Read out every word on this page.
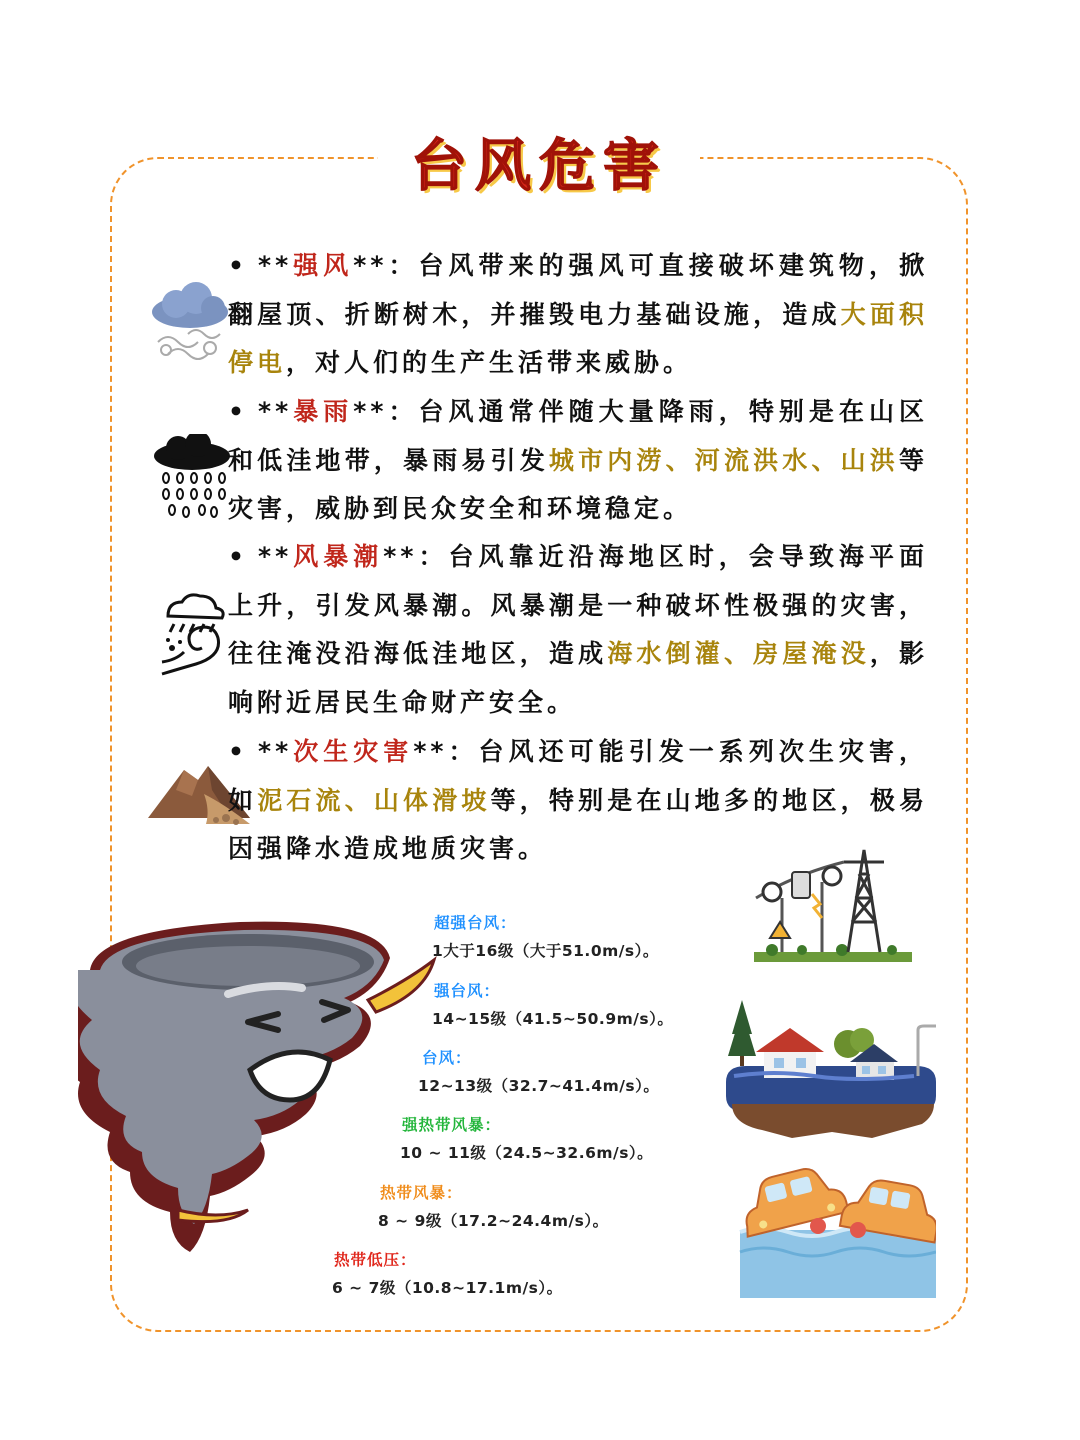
台风危害
• **强风**：台风带来的强风可直接破坏建筑物，掀翻屋顶、折断树木，并摧毁电力基础设施，造成大面积停电，对人们的生产生活带来威胁。
• **暴雨**：台风通常伴随大量降雨，特别是在山区和低洼地带，暴雨易引发城市内涝、河流洪水、山洪等灾害，威胁到民众安全和环境稳定。
• **风暴潮**：台风靠近沿海地区时，会导致海平面上升，引发风暴潮。风暴潮是一种破坏性极强的灾害，往往淹没沿海低洼地区，造成海水倒灌、房屋淹没，影响附近居民生命财产安全。
• **次生灾害**：台风还可能引发一系列次生灾害，如泥石流、山体滑坡等，特别是在山地多的地区，极易因强降水造成地质灾害。
超强台风：
1大于16级（大于51.0m/s）。
强台风：
14~15级（41.5~50.9m/s）。
台风：
12~13级（32.7~41.4m/s）。
强热带风暴：
10 ~ 11级（24.5~32.6m/s）。
热带风暴：
8 ~ 9级（17.2~24.4m/s）。
热带低压：
6 ~ 7级（10.8~17.1m/s）。
